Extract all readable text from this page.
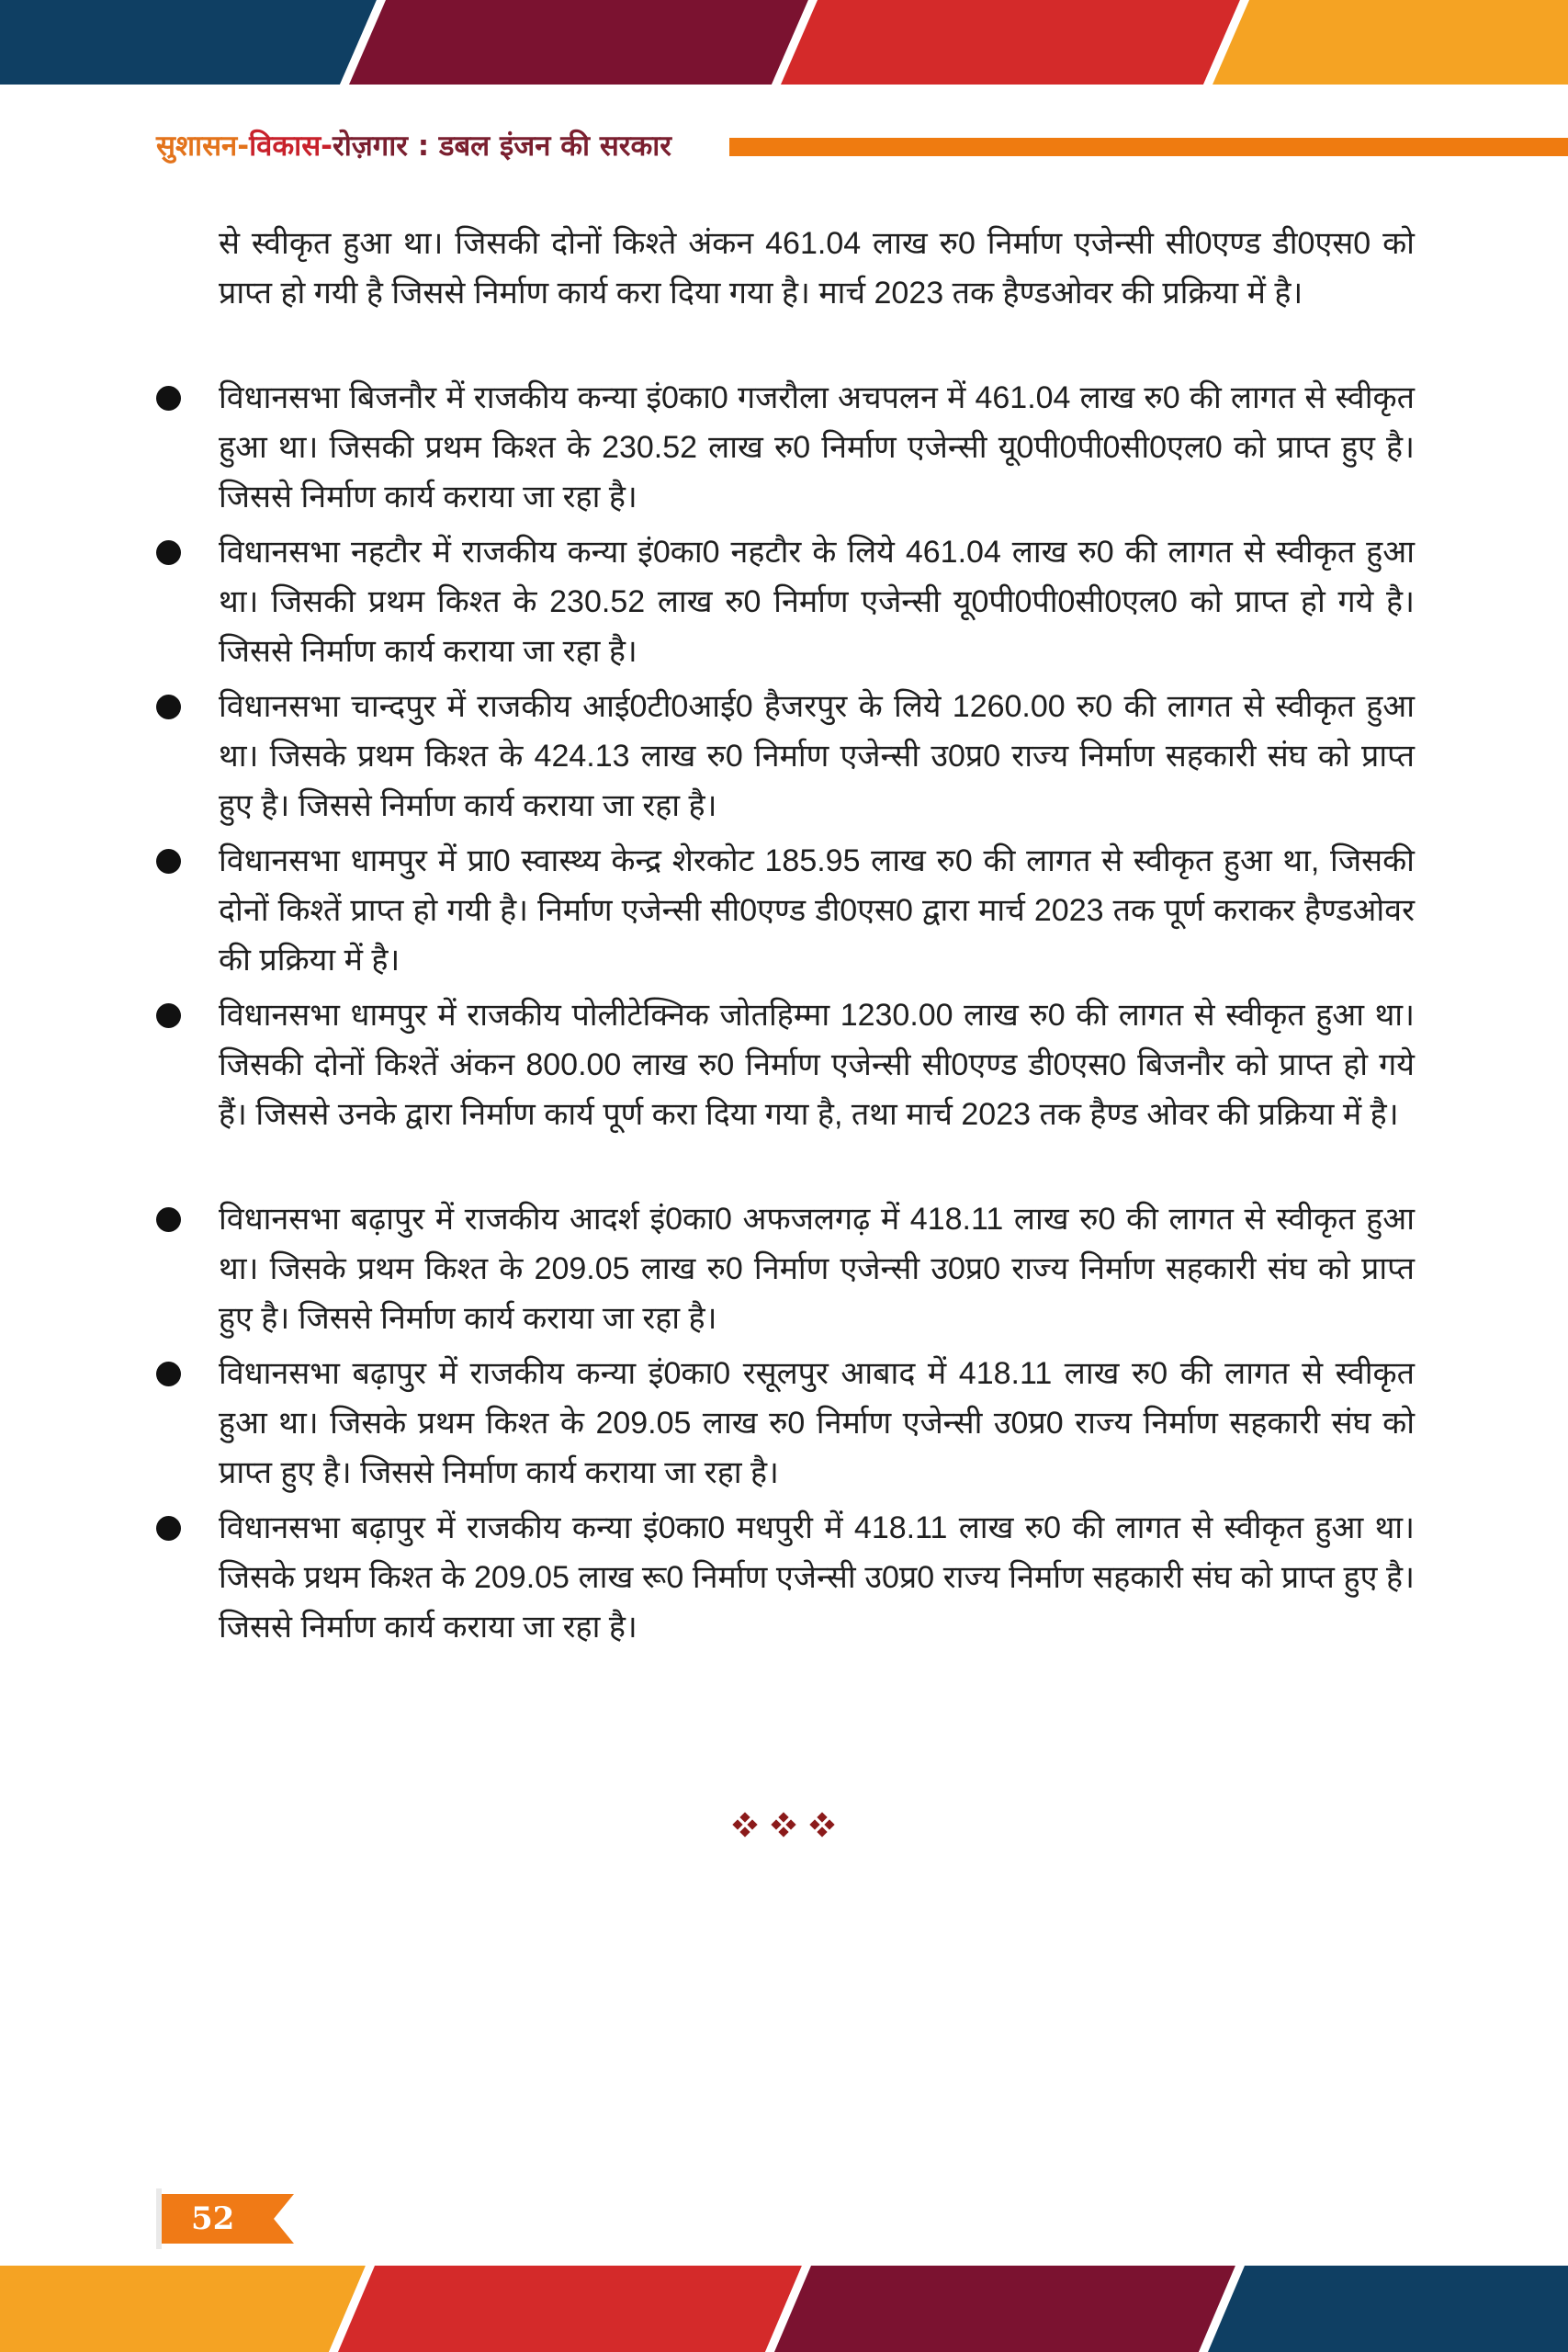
सुशासन-विकास-रोज़गार : डबल इंजन की सरकार

से स्वीकृत हुआ था। जिसकी दोनों किश्ते अंकन 461.04 लाख रु0 निर्माण एजेन्सी सी0एण्ड डी0एस0 को प्राप्त हो गयी है जिससे निर्माण कार्य करा दिया गया है। मार्च 2023 तक हैण्डओवर की प्रक्रिया में है।

विधानसभा बिजनौर में राजकीय कन्या इं0का0 गजरौला अचपलन में 461.04 लाख रु0 की लागत से स्वीकृत हुआ था। जिसकी प्रथम किश्त के 230.52 लाख रु0 निर्माण एजेन्सी यू0पी0पी0सी0एल0 को प्राप्त हुए है। जिससे निर्माण कार्य कराया जा रहा है।

विधानसभा नहटौर में राजकीय कन्या इं0का0 नहटौर के लिये 461.04 लाख रु0 की लागत से स्वीकृत हुआ था। जिसकी प्रथम किश्त के 230.52 लाख रु0 निर्माण एजेन्सी यू0पी0पी0सी0एल0 को प्राप्त हो गये है। जिससे निर्माण कार्य कराया जा रहा है।

विधानसभा चान्दपुर में राजकीय आई0टी0आई0 हैजरपुर के लिये 1260.00 रु0 की लागत से स्वीकृत हुआ था। जिसके प्रथम किश्त के 424.13 लाख रु0 निर्माण एजेन्सी उ0प्र0 राज्य निर्माण सहकारी संघ को प्राप्त हुए है। जिससे निर्माण कार्य कराया जा रहा है।

विधानसभा धामपुर में प्रा0 स्वास्थ्य केन्द्र शेरकोट 185.95 लाख रु0 की लागत से स्वीकृत हुआ था, जिसकी दोनों किश्तें प्राप्त हो गयी है। निर्माण एजेन्सी सी0एण्ड डी0एस0 द्वारा मार्च 2023 तक पूर्ण कराकर हैण्डओवर की प्रक्रिया में है।

विधानसभा धामपुर में राजकीय पोलीटेक्निक जोतहिम्मा 1230.00 लाख रु0 की लागत से स्वीकृत हुआ था। जिसकी दोनों किश्तें अंकन 800.00 लाख रु0 निर्माण एजेन्सी सी0एण्ड डी0एस0 बिजनौर को प्राप्त हो गये हैं। जिससे उनके द्वारा निर्माण कार्य पूर्ण करा दिया गया है, तथा मार्च 2023 तक हैण्ड ओवर की प्रक्रिया में है।

विधानसभा बढ़ापुर में राजकीय आदर्श इं0का0 अफजलगढ़ में 418.11 लाख रु0 की लागत से स्वीकृत हुआ था। जिसके प्रथम किश्त के 209.05 लाख रु0 निर्माण एजेन्सी उ0प्र0 राज्य निर्माण सहकारी संघ को प्राप्त हुए है। जिससे निर्माण कार्य कराया जा रहा है।

विधानसभा बढ़ापुर में राजकीय कन्या इं0का0 रसूलपुर आबाद में 418.11 लाख रु0 की लागत से स्वीकृत हुआ था। जिसके प्रथम किश्त के 209.05 लाख रु0 निर्माण एजेन्सी उ0प्र0 राज्य निर्माण सहकारी संघ को प्राप्त हुए है। जिससे निर्माण कार्य कराया जा रहा है।

विधानसभा बढ़ापुर में राजकीय कन्या इं0का0 मधपुरी में 418.11 लाख रु0 की लागत से स्वीकृत हुआ था। जिसके प्रथम किश्त के 209.05 लाख रू0 निर्माण एजेन्सी उ0प्र0 राज्य निर्माण सहकारी संघ को प्राप्त हुए है। जिससे निर्माण कार्य कराया जा रहा है।

52
